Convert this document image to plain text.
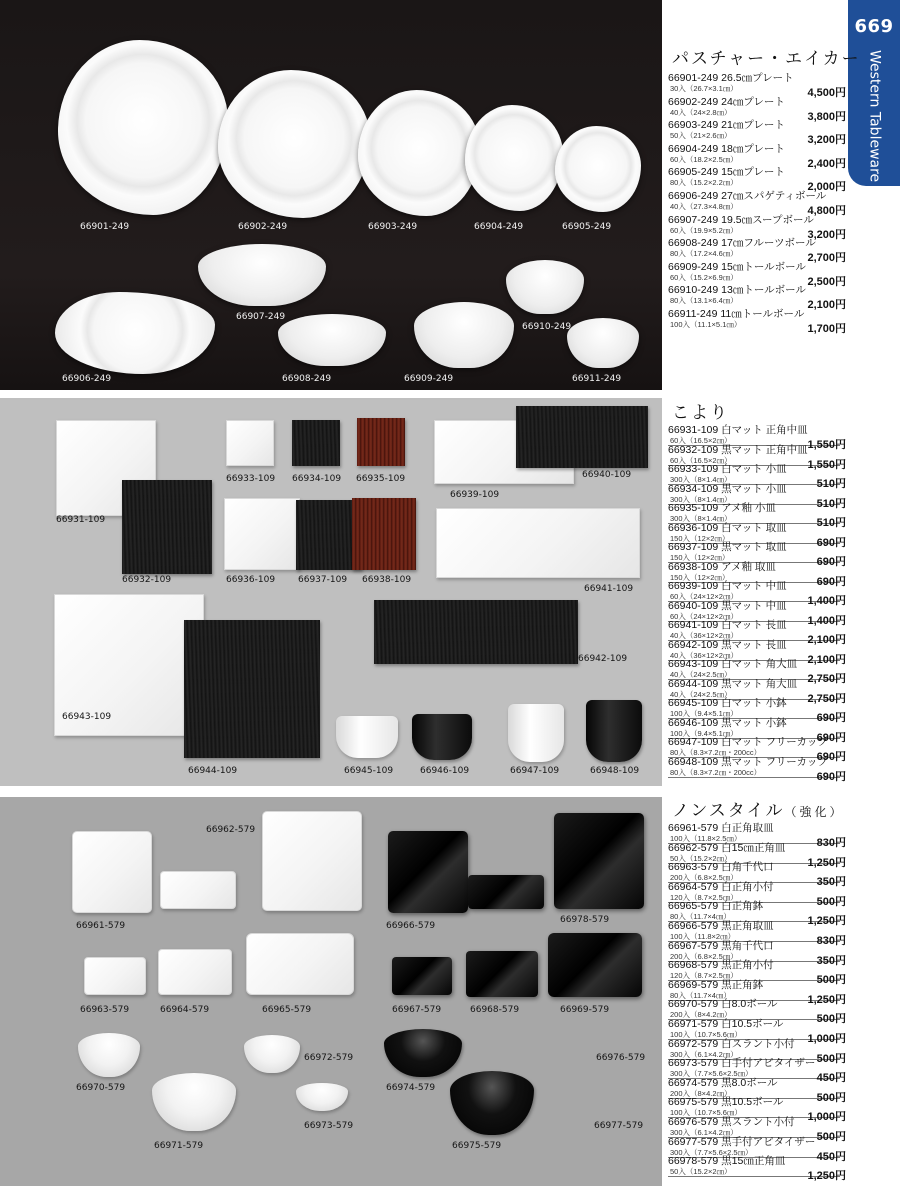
66901-249	66902-249	66903-249	66904-249	66905-249
66906-249
66907-249
66908-249	66909-249
66910-249
66911-249
66931-109
66932-109
66933-109 66934-109 66935-109
66936-109	66937-109 66938-109
66939-109
66940-109
66941-109
66942-109
66943-109
66944-109	66945-109	66946-109	66947-109	66948-109
66961-579
66962-579
66963-579	66964-579	66965-579
66966-579
66967-579	66968-579	66969-579
66970-579
66971-579
66972-579
66973-579
66974-579
66975-579
66976-579
66977-579
66978-579
669
Western Tableware (open stock)
パスチャー・エイカー
66901-249 26.5㎝プレート
30入（26.7×3.1㎝）	4,500円
66902-249 24㎝プレート
40入（24×2.8㎝）	3,800円
66903-249 21㎝プレート
50入（21×2.6㎝）	3,200円
66904-249 18㎝プレート
60入（18.2×2.5㎝）	2,400円
66905-249 15㎝プレート
80入（15.2×2.2㎝）	2,000円
66906-249 27㎝スパゲティボール
40入（27.3×4.8㎝）	4,800円
66907-249 19.5㎝スープボール
60入（19.9×5.2㎝）	3,200円
66908-249 17㎝フルーツボール
80入（17.2×4.6㎝）	2,700円
66909-249 15㎝トールボール
60入（15.2×6.9㎝）	2,500円
66910-249 13㎝トールボール
80入（13.1×6.4㎝）	2,100円
66911-249 11㎝トールボール
100入（11.1×5.1㎝）	1,700円
こより
66931-109 白マット 正角中皿
60入（16.5×2㎝）	1,550円
66932-109 黒マット 正角中皿
60入（16.5×2㎝）	1,550円
66933-109 白マット 小皿
300入（8×1.4㎝）	510円
66934-109 黒マット 小皿
300入（8×1.4㎝）	510円
66935-109 アメ釉 小皿
300入（8×1.4㎝）	510円
66936-109 白マット 取皿
150入（12×2㎝）	690円
66937-109 黒マット 取皿
150入（12×2㎝）	690円
66938-109 アメ釉 取皿
150入（12×2㎝）	690円
66939-109 白マット 中皿
60入（24×12×2㎝）	1,400円
66940-109 黒マット 中皿
60入（24×12×2㎝）	1,400円
66941-109 白マット 長皿
40入（36×12×2㎝）	2,100円
66942-109 黒マット 長皿
40入（36×12×2㎝）	2,100円
66943-109 白マット 角大皿
40入（24×2.5㎝）	2,750円
66944-109 黒マット 角大皿
40入（24×2.5㎝）	2,750円
66945-109 白マット 小鉢
100入（9.4×5.1㎝）	690円
66946-109 黒マット 小鉢
100入（9.4×5.1㎝）	690円
66947-109 白マット フリーカップ
80入（8.3×7.2㎝・200cc）	690円
66948-109 黒マット フリーカップ
80入（8.3×7.2㎝・200cc）	690円
ノンスタイル（強化）
66961-579 白正角取皿
100入（11.8×2.5㎝）	830円
66962-579 白15㎝正角皿
50入（15.2×2㎝）	1,250円
66963-579 白角千代口
200入（6.8×2.5㎝）	350円
66964-579 白正角小付
120入（8.7×2.5㎝）	500円
66965-579 白正角鉢
80入（11.7×4㎝）	1,250円
66966-579 黒正角取皿
100入（11.8×2㎝）	830円
66967-579 黒角千代口
200入（6.8×2.5㎝）	350円
66968-579 黒正角小付
120入（8.7×2.5㎝）	500円
66969-579 黒正角鉢
80入（11.7×4㎝）	1,250円
66970-579 白8.0ボール
200入（8×4.2㎝）	500円
66971-579 白10.5ボール
100入（10.7×5.6㎝）	1,000円
66972-579 白スラント小付
300入（6.1×4.2㎝）	500円
66973-579 白手付アピタイザー
300入（7.7×5.6×2.5㎝）	450円
66974-579 黒8.0ボール
200入（8×4.2㎝）	500円
66975-579 黒10.5ボール
100入（10.7×5.6㎝）	1,000円
66976-579 黒スラント小付
300入（6.1×4.2㎝）	500円
66977-579 黒手付アピタイザー
300入（7.7×5.6×2.5㎝）	450円
66978-579 黒15㎝正角皿
50入（15.2×2㎝）	1,250円
